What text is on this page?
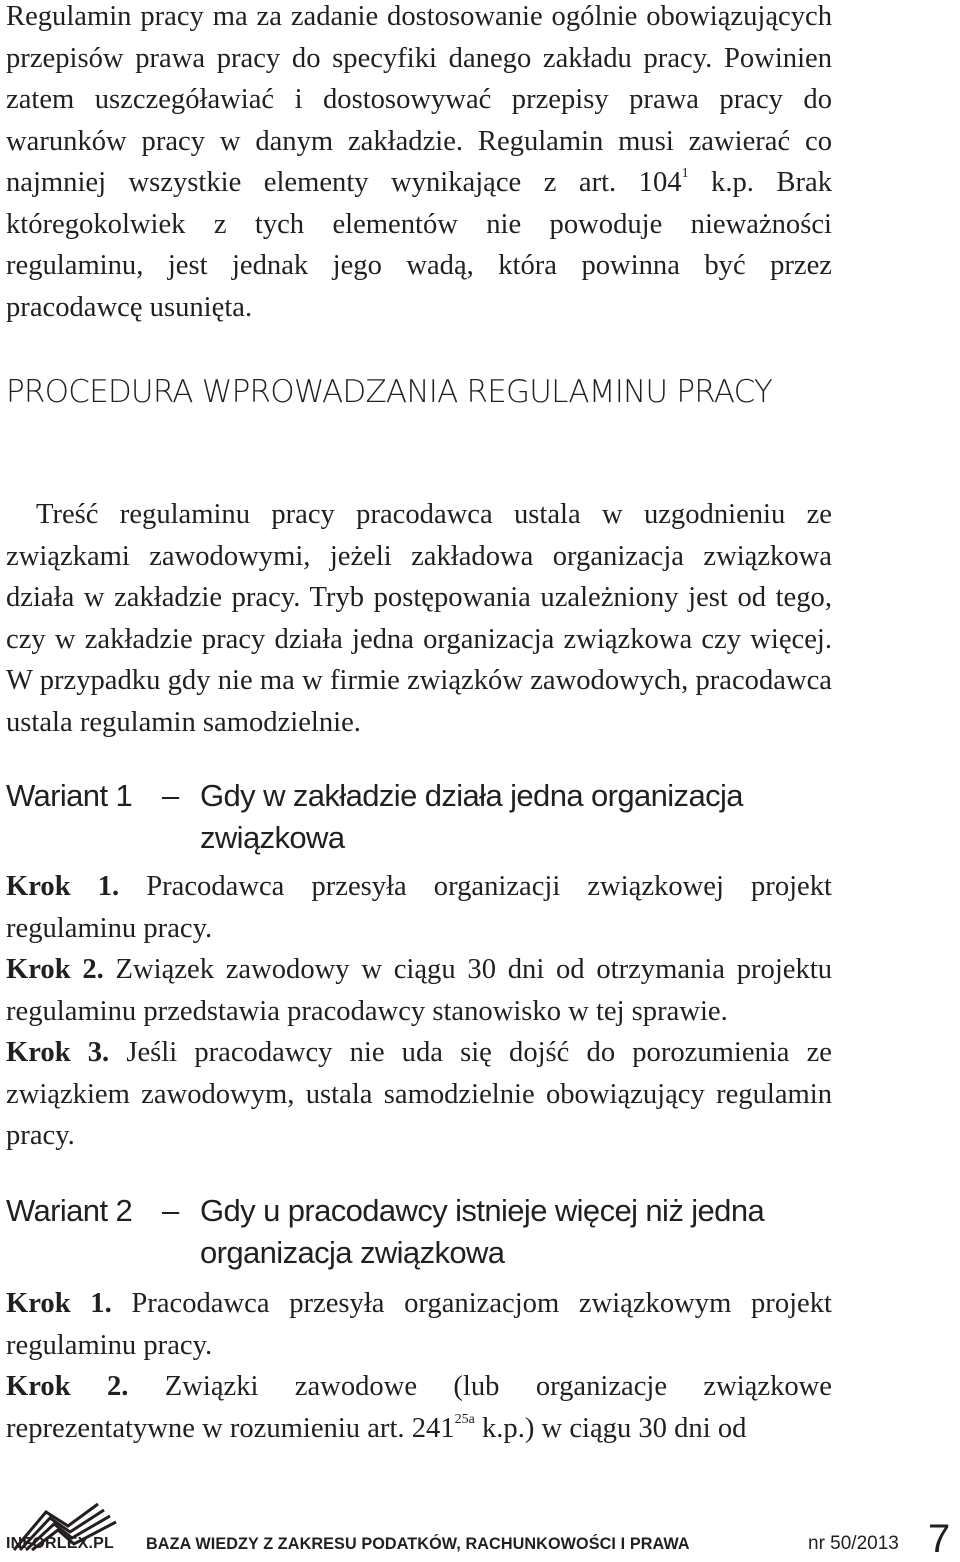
Regulamin pracy ma za zadanie dostosowanie ogólnie obowiązujących przepisów prawa pracy do specyfiki danego zakładu pracy. Powinien zatem uszczegóławiać i dostosowywać przepisy prawa pracy do warunków pracy w danym zakładzie. Regulamin musi zawierać co najmniej wszystkie elementy wynikające z art. $104^1$ k.p. Brak któregokolwiek z tych elementów nie powoduje nieważności regulaminu, jest jednak jego wadą, która powinna być przez pracodawcę usunięta.

PROCEDURA WPROWADZANIA REGULAMINU PRACY

Treść regulaminu pracy pracodawca ustala w uzgodnieniu ze związkami zawodowymi, jeżeli zakładowa organizacja związkowa działa w zakładzie pracy. Tryb postępowania uzależniony jest od tego, czy w zakładzie pracy działa jedna organizacja związkowa czy więcej. W przypadku gdy nie ma w firmie związków zawodowych, pracodawca ustala regulamin samodzielnie.

Wariant 1 – Gdy w zakładzie działa jedna organizacja związkowa

Krok 1. Pracodawca przesyła organizacji związkowej projekt regulaminu pracy.

Krok 2. Związek zawodowy w ciągu 30 dni od otrzymania projektu regulaminu przedstawia pracodawcy stanowisko w tej sprawie.

Krok 3. Jeśli pracodawcy nie uda się dojść do porozumienia ze związkiem zawodowym, ustala samodzielnie obowiązujący regulamin pracy.

Wariant 2 – Gdy u pracodawcy istnieje więcej niż jedna organizacja związkowa

Krok 1. Pracodawca przesyła organizacjom związkowym projekt regulaminu pracy.

Krok 2. Związki zawodowe (lub organizacje związkowe reprezentatywne w rozumieniu art. $241^{25a}$ k.p.) w ciągu 30 dni od

INFORLEX.PL BAZA WIEDZY Z ZAKRESU PODATKÓW, RACHUNKOWOŚCI I PRAWA	nr 50/2013 7
